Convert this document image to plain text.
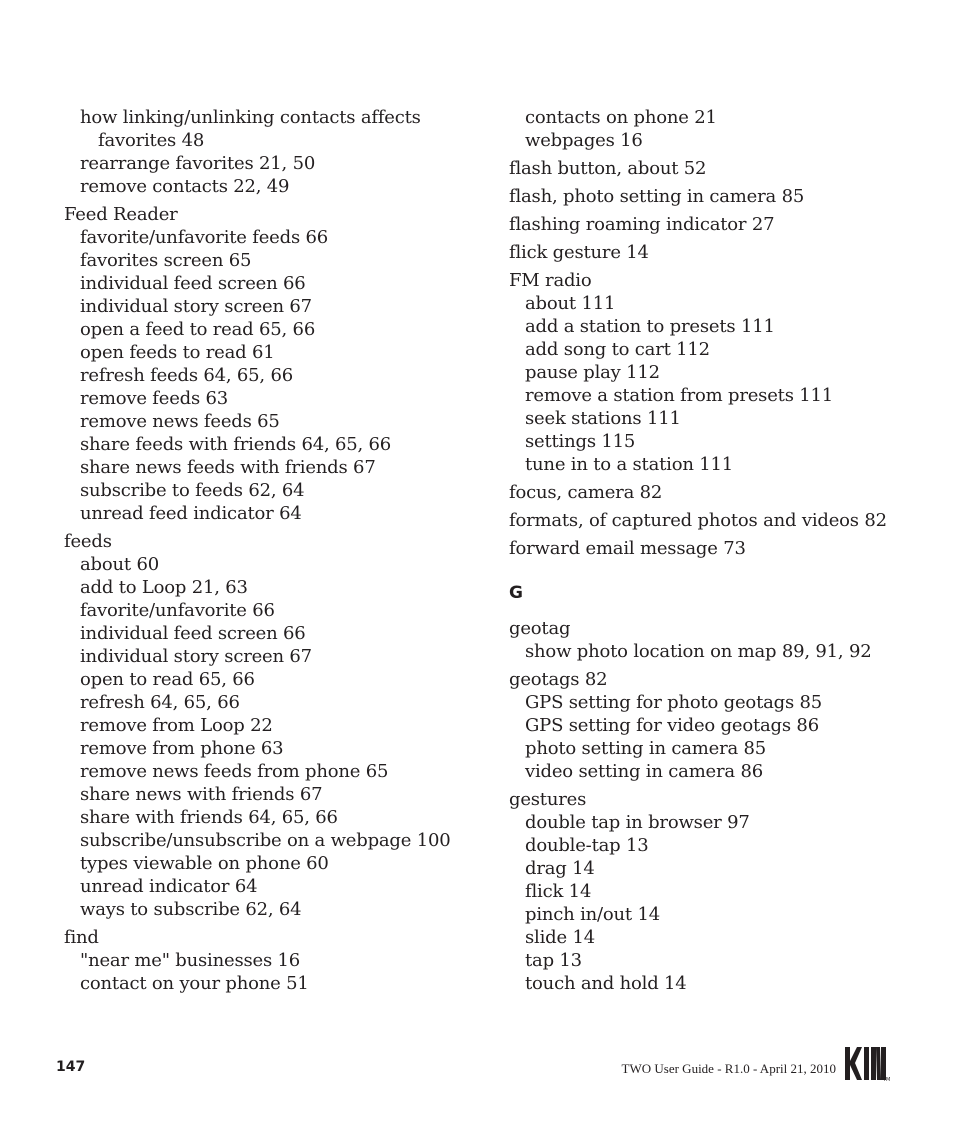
how linking/unlinking contacts affects
favorites 48
rearrange favorites 21, 50
remove contacts 22, 49
Feed Reader
favorite/unfavorite feeds 66
favorites screen 65
individual feed screen 66
individual story screen 67
open a feed to read 65, 66
open feeds to read 61
refresh feeds 64, 65, 66
remove feeds 63
remove news feeds 65
share feeds with friends 64, 65, 66
share news feeds with friends 67
subscribe to feeds 62, 64
unread feed indicator 64
feeds
about 60
add to Loop 21, 63
favorite/unfavorite 66
individual feed screen 66
individual story screen 67
open to read 65, 66
refresh 64, 65, 66
remove from Loop 22
remove from phone 63
remove news feeds from phone 65
share news with friends 67
share with friends 64, 65, 66
subscribe/unsubscribe on a webpage 100
types viewable on phone 60
unread indicator 64
ways to subscribe 62, 64
find
"near me" businesses 16
contact on your phone 51
contacts on phone 21
webpages 16
flash button, about 52
flash, photo setting in camera 85
flashing roaming indicator 27
flick gesture 14
FM radio
about 111
add a station to presets 111
add song to cart 112
pause play 112
remove a station from presets 111
seek stations 111
settings 115
tune in to a station 111
focus, camera 82
formats, of captured photos and videos 82
forward email message 73
G
geotag
show photo location on map 89, 91, 92
geotags 82
GPS setting for photo geotags 85
GPS setting for video geotags 86
photo setting in camera 85
video setting in camera 86
gestures
double tap in browser 97
double-tap 13
drag 14
flick 14
pinch in/out 14
slide 14
tap 13
touch and hold 14
147	TWO User Guide - R1.0 - April 21, 2010
TM
